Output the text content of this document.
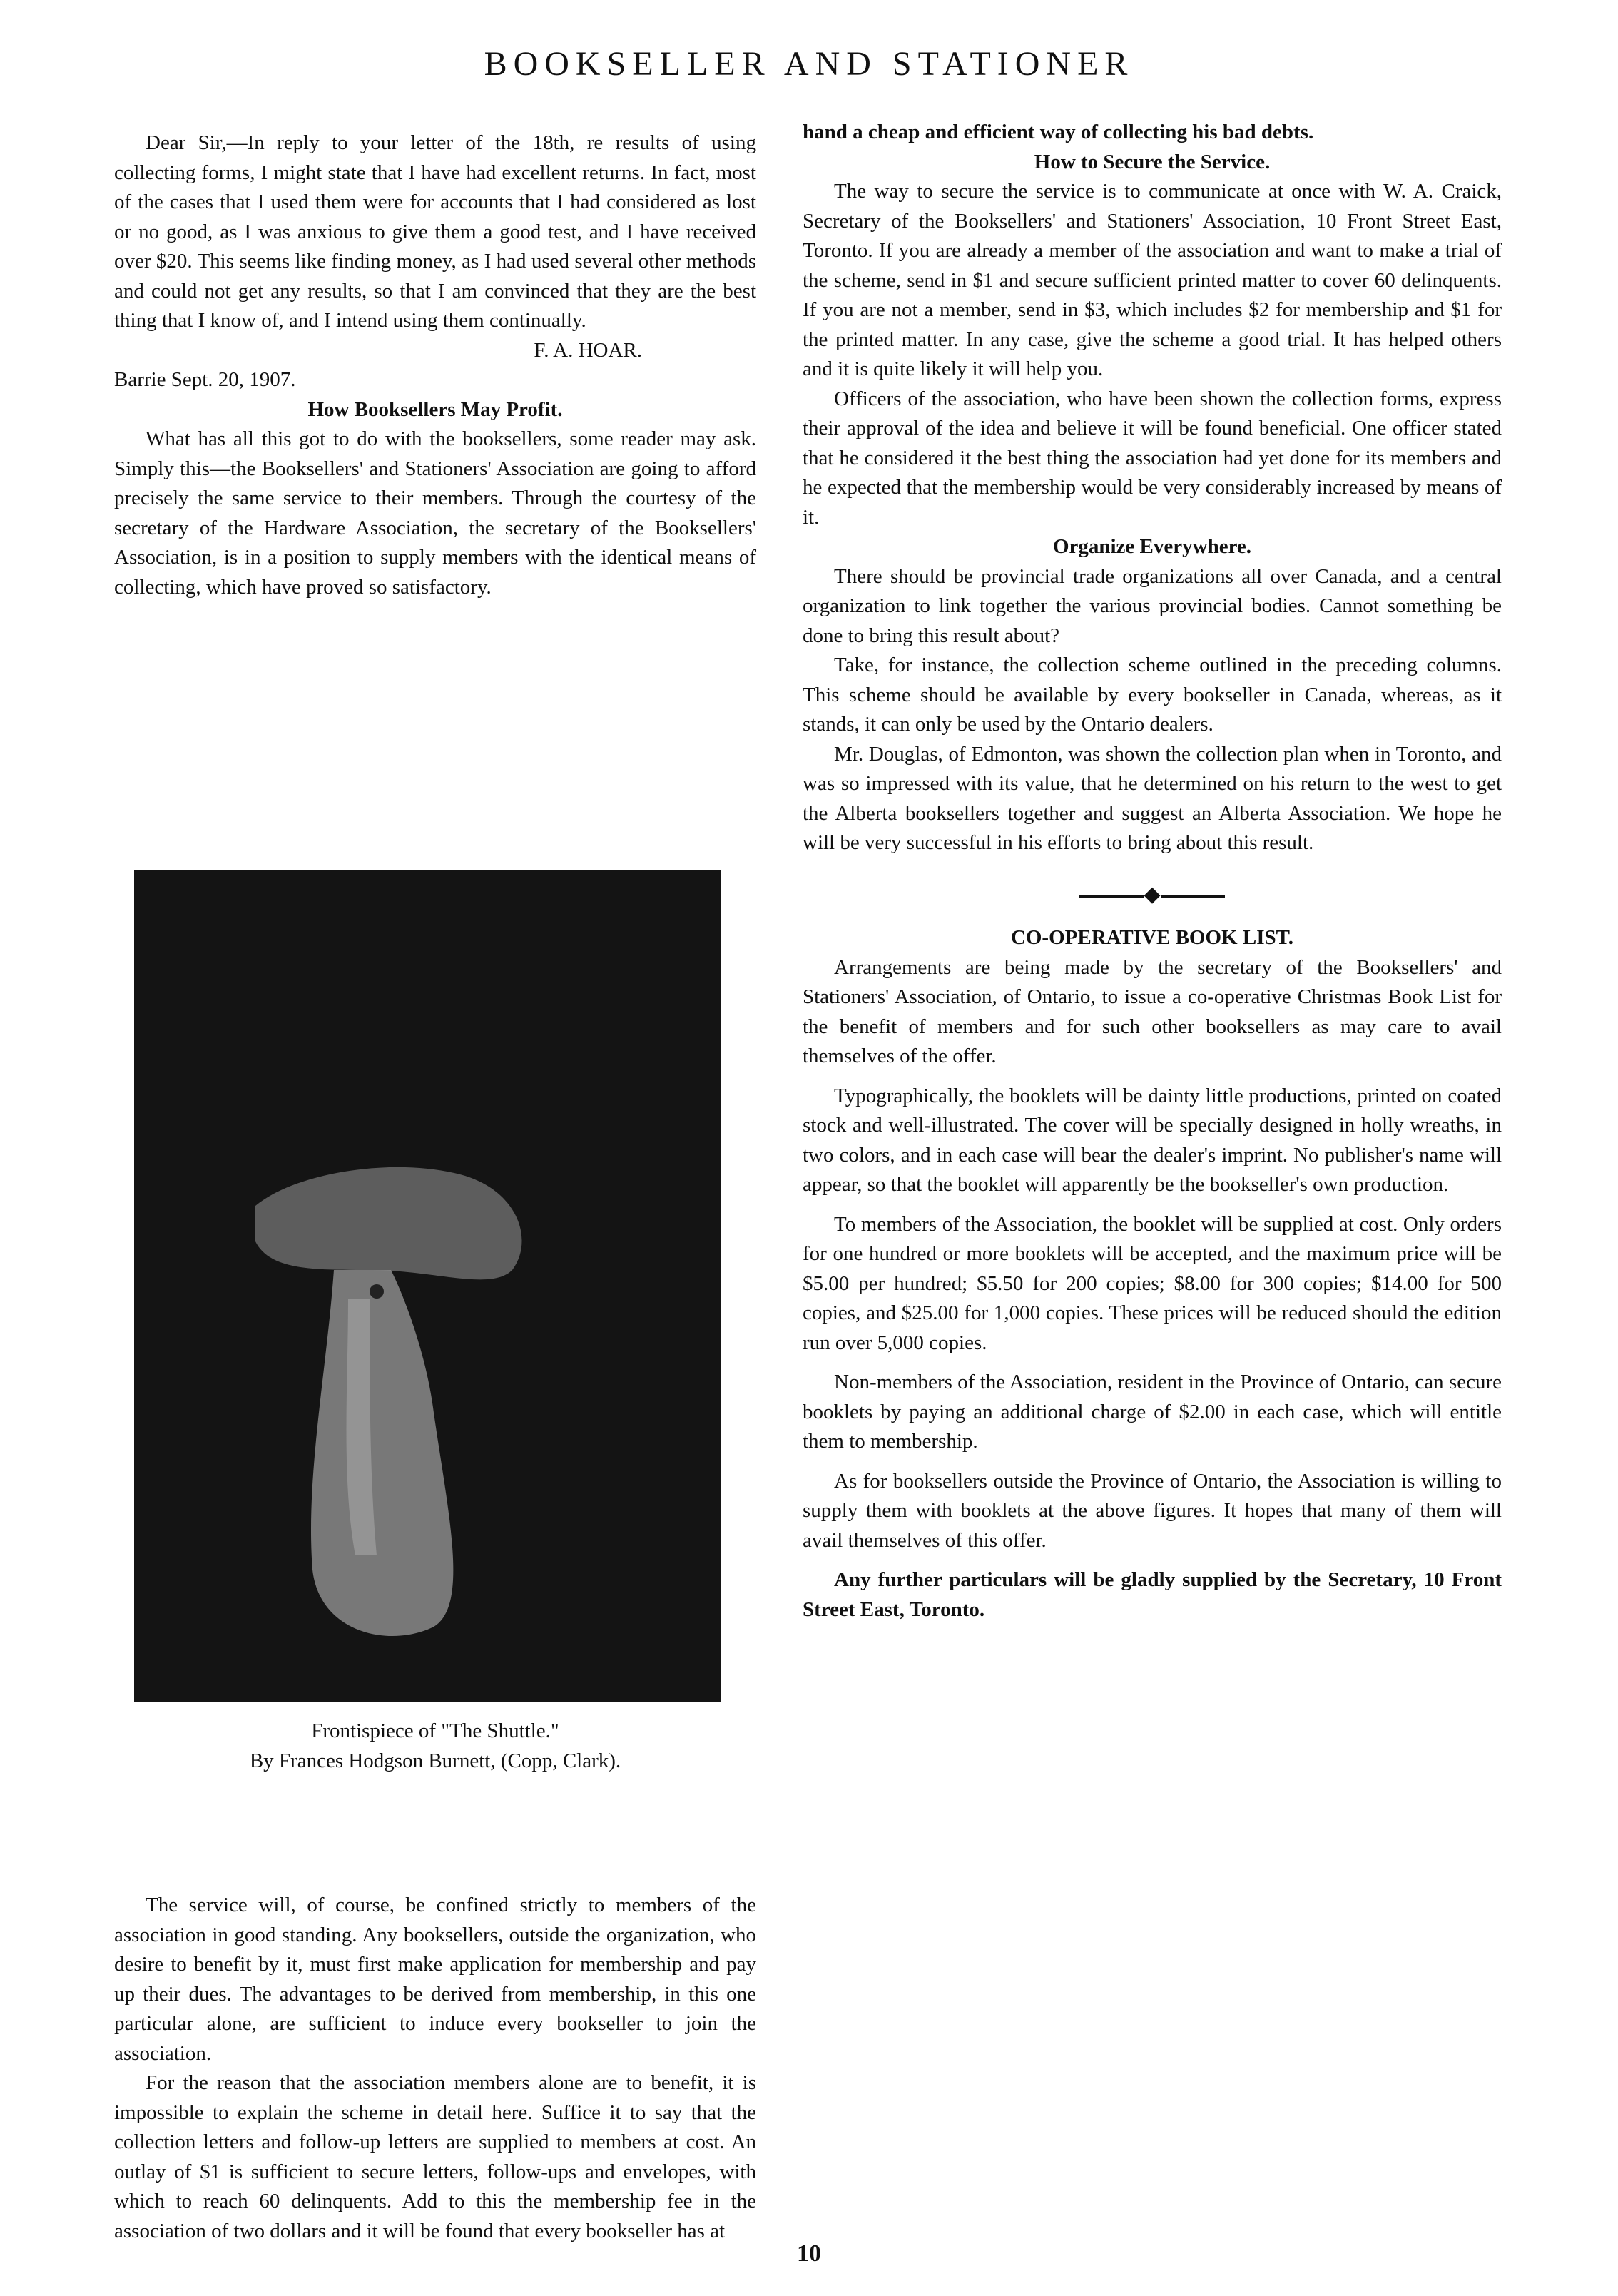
BOOKSELLER AND STATIONER

Dear Sir,—In reply to your letter of the 18th, re results of using collecting forms, I might state that I have had excellent returns. In fact, most of the cases that I used them were for accounts that I had considered as lost or no good, as I was anxious to give them a good test, and I have received over $20. This seems like finding money, as I had used several other methods and could not get any results, so that I am convinced that they are the best thing that I know of, and I intend using them continually.

F. A. HOAR.

Barrie Sept. 20, 1907.

How Booksellers May Profit.

What has all this got to do with the booksellers, some reader may ask. Simply this—the Booksellers' and Stationers' Association are going to afford precisely the same service to their members. Through the courtesy of the secretary of the Hardware Association, the secretary of the Booksellers' Association, is in a position to supply members with the identical means of collecting, which have proved so satisfactory.

Frontispiece of "The Shuttle."
By Frances Hodgson Burnett, (Copp, Clark).

The service will, of course, be confined strictly to members of the association in good standing. Any booksellers, outside the organization, who desire to benefit by it, must first make application for membership and pay up their dues. The advantages to be derived from membership, in this one particular alone, are sufficient to induce every bookseller to join the association.

For the reason that the association members alone are to benefit, it is impossible to explain the scheme in detail here. Suffice it to say that the collection letters and follow-up letters are supplied to members at cost. An outlay of $1 is sufficient to secure letters, follow-ups and envelopes, with which to reach 60 delinquents. Add to this the membership fee in the association of two dollars and it will be found that every bookseller has at

hand a cheap and efficient way of collecting his bad debts.

How to Secure the Service.

The way to secure the service is to communicate at once with W. A. Craick, Secretary of the Booksellers' and Stationers' Association, 10 Front Street East, Toronto. If you are already a member of the association and want to make a trial of the scheme, send in $1 and secure sufficient printed matter to cover 60 delinquents. If you are not a member, send in $3, which includes $2 for membership and $1 for the printed matter. In any case, give the scheme a good trial. It has helped others and it is quite likely it will help you.

Officers of the association, who have been shown the collection forms, express their approval of the idea and believe it will be found beneficial. One officer stated that he considered it the best thing the association had yet done for its members and he expected that the membership would be very considerably increased by means of it.

Organize Everywhere.

There should be provincial trade organizations all over Canada, and a central organization to link together the various provincial bodies. Cannot something be done to bring this result about?

Take, for instance, the collection scheme outlined in the preceding columns. This scheme should be available by every bookseller in Canada, whereas, as it stands, it can only be used by the Ontario dealers.

Mr. Douglas, of Edmonton, was shown the collection plan when in Toronto, and was so impressed with its value, that he determined on his return to the west to get the Alberta booksellers together and suggest an Alberta Association. We hope he will be very successful in his efforts to bring about this result.

◆

CO-OPERATIVE BOOK LIST.

Arrangements are being made by the secretary of the Booksellers' and Stationers' Association, of Ontario, to issue a co-operative Christmas Book List for the benefit of members and for such other booksellers as may care to avail themselves of the offer.

Typographically, the booklets will be dainty little productions, printed on coated stock and well-illustrated. The cover will be specially designed in holly wreaths, in two colors, and in each case will bear the dealer's imprint. No publisher's name will appear, so that the booklet will apparently be the bookseller's own production.

To members of the Association, the booklet will be supplied at cost. Only orders for one hundred or more booklets will be accepted, and the maximum price will be $5.00 per hundred; $5.50 for 200 copies; $8.00 for 300 copies; $14.00 for 500 copies, and $25.00 for 1,000 copies. These prices will be reduced should the edition run over 5,000 copies.

Non-members of the Association, resident in the Province of Ontario, can secure booklets by paying an additional charge of $2.00 in each case, which will entitle them to membership.

As for booksellers outside the Province of Ontario, the Association is willing to supply them with booklets at the above figures. It hopes that many of them will avail themselves of this offer.

Any further particulars will be gladly supplied by the Secretary, 10 Front Street East, Toronto.

10
